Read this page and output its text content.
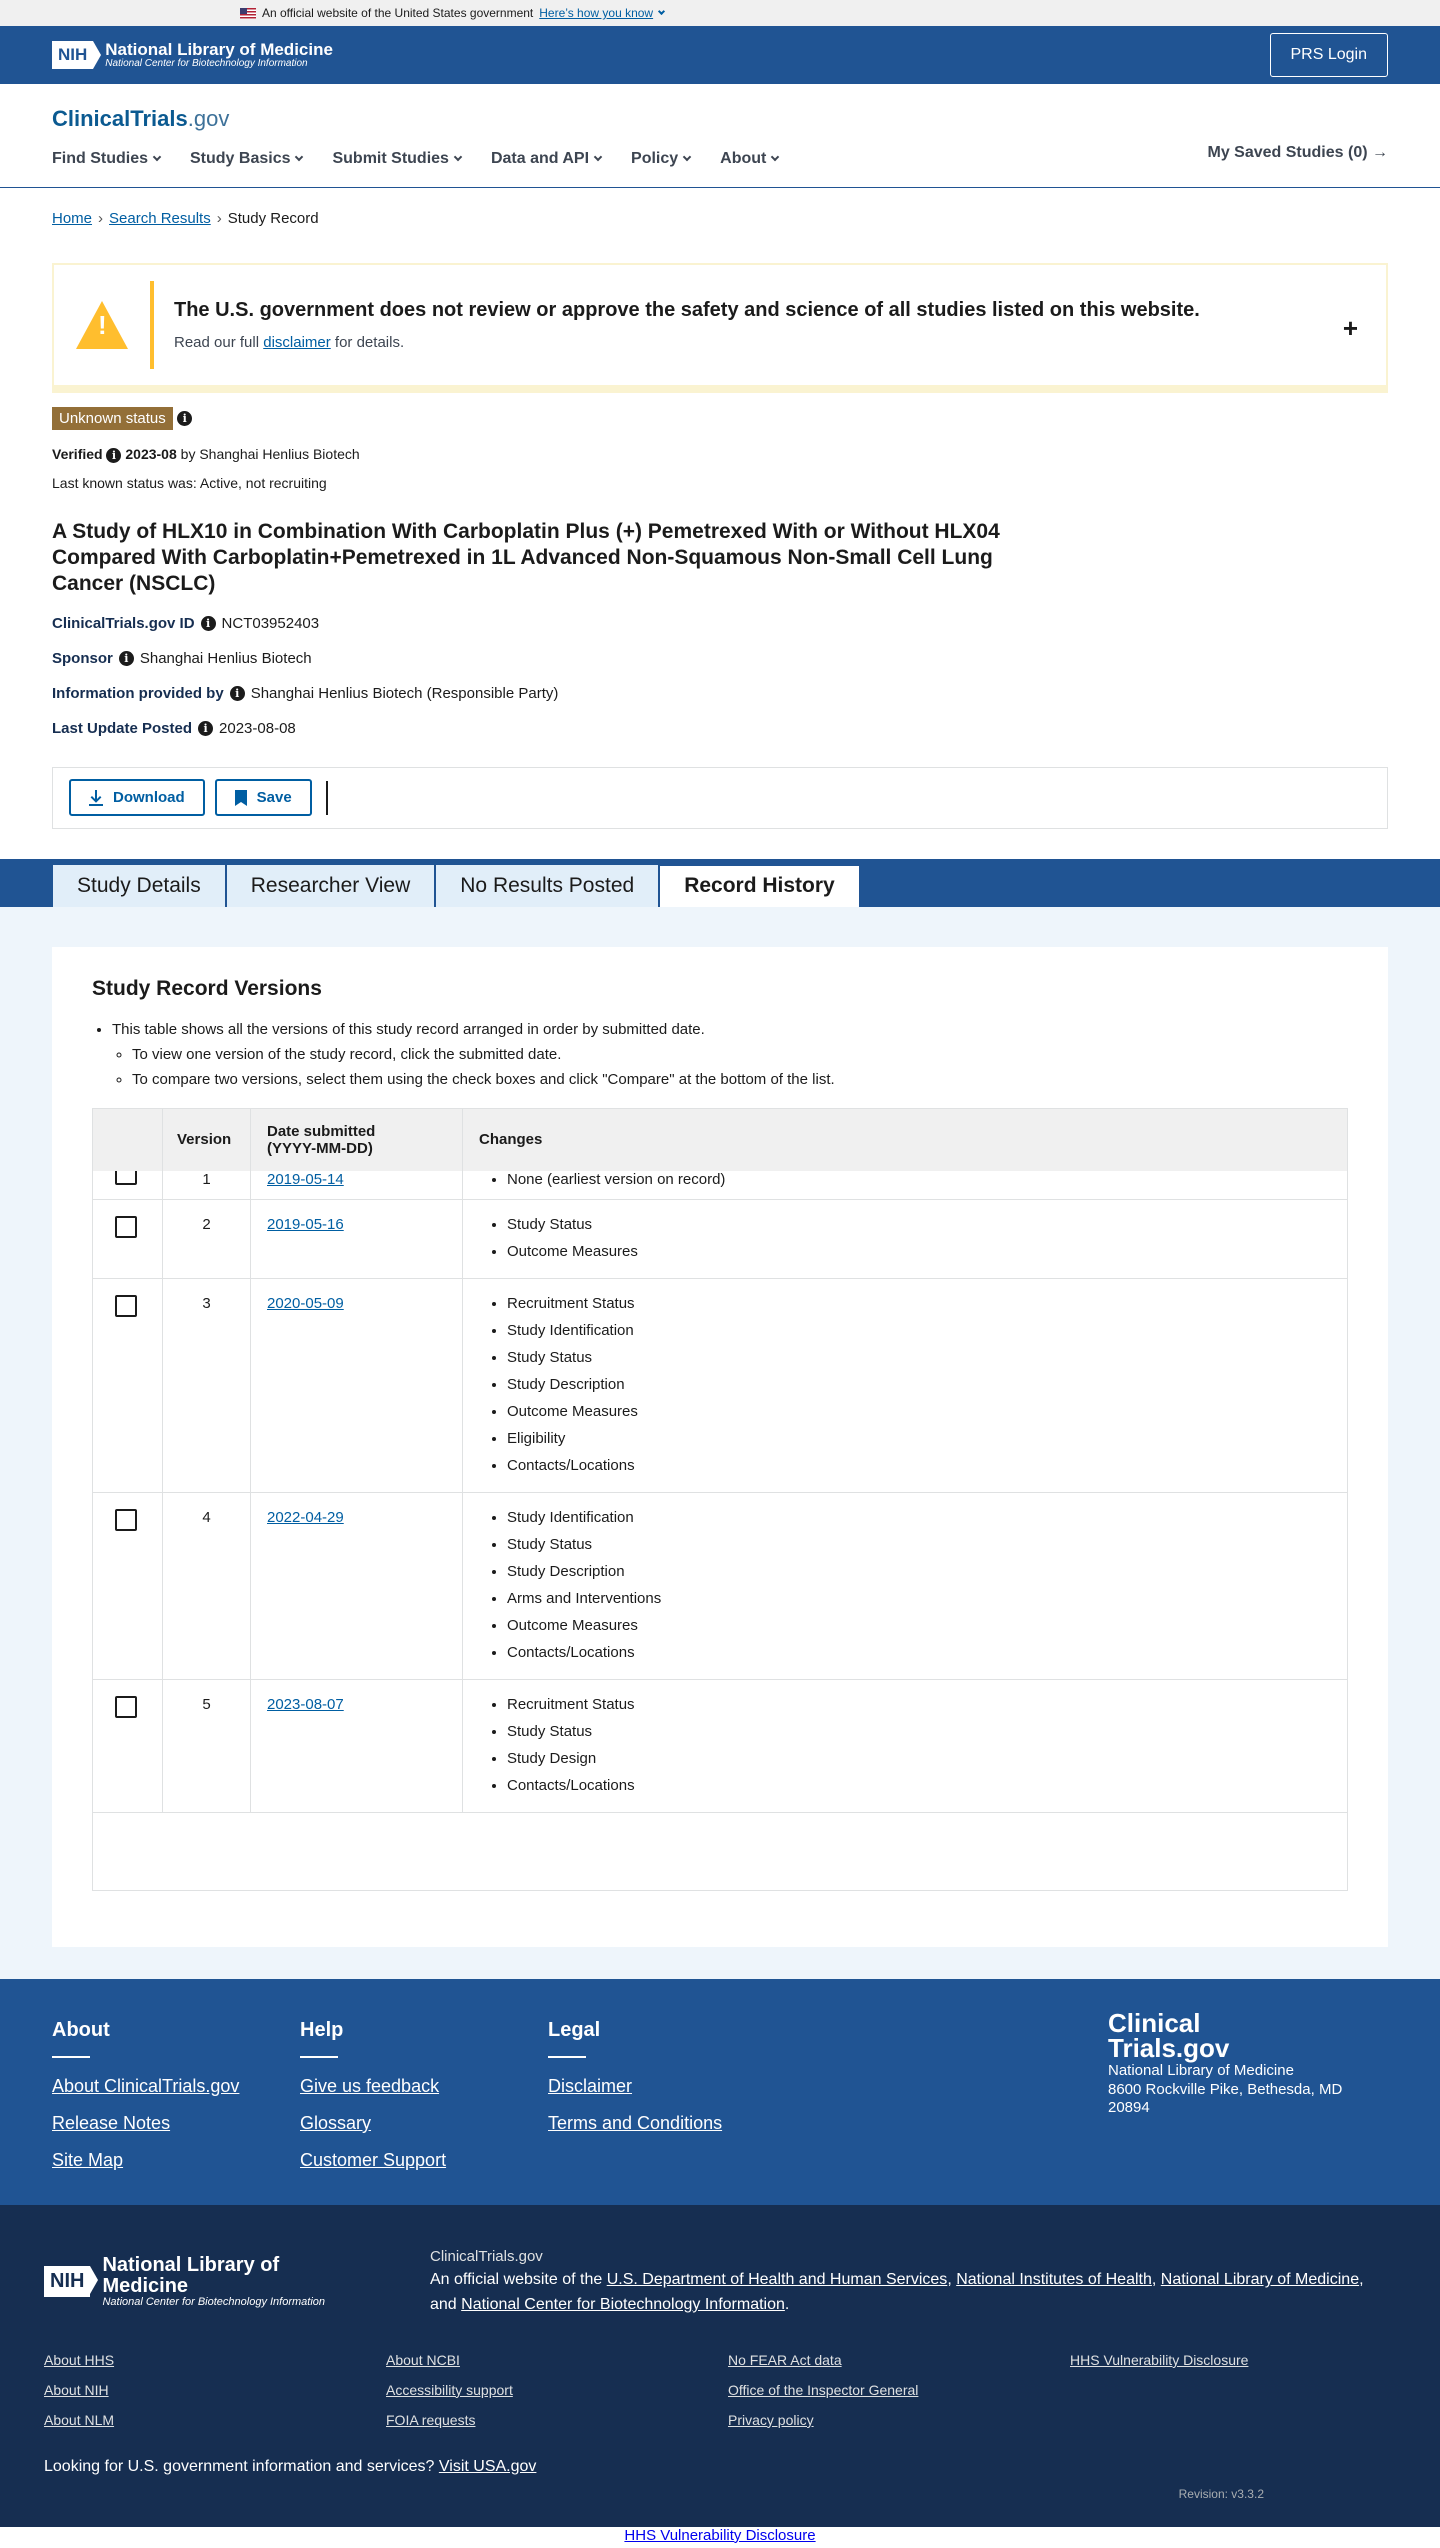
An official website of the United States government Here’s how you know
NIH	National Library of Medicine
National Center for Biotechnology Information
PRS Login
ClinicalTrials.gov
Find Studies	Study Basics	Submit Studies	Data and API	Policy	About	My Saved Studies (0) →
Home › Search Results › Study Record
!	The U.S. government does not review or approve the safety and science of all studies listed on this website.
Read our full disclaimer for details.	+
Unknown status i
Verified i 2023-08 by Shanghai Henlius Biotech
Last known status was: Active, not recruiting
A Study of HLX10 in Combination With Carboplatin Plus (+) Pemetrexed With or Without HLX04 Compared With Carboplatin+Pemetrexed in 1L Advanced Non-Squamous Non-Small Cell Lung Cancer (NSCLC)
ClinicalTrials.gov ID	i NCT03952403
Sponsor	i Shanghai Henlius Biotech
Information provided by	i Shanghai Henlius Biotech (Responsible Party)
Last Update Posted	i 2023-08-08
Download	Save
Study Details	Researcher View	No Results Posted	Record History
Study Record Versions
• This table shows all the versions of this study record arranged in order by submitted date.
◦ To view one version of the study record, click the submitted date.
◦ To compare two versions, select them using the check boxes and click "Compare" at the bottom of the list.
Version	Date submitted
(YYYY-MM-DD)	Changes
1	2019-05-14	• None (earliest version on record)
2	2019-05-16	• Study Status
• Outcome Measures
3	2020-05-09	• Recruitment Status
• Study Identification
• Study Status
• Study Description
• Outcome Measures
• Eligibility
• Contacts/Locations
4	2022-04-29	• Study Identification
• Study Status
• Study Description
• Arms and Interventions
• Outcome Measures
• Contacts/Locations
5	2023-08-07	• Recruitment Status
• Study Status
• Study Design
• Contacts/Locations
About
About ClinicalTrials.gov
Release Notes
Site Map
Help
Give us feedback
Glossary
Customer Support
Legal
Disclaimer
Terms and Conditions
Clinical
Trials.gov

National Library of Medicine
8600 Rockville Pike, Bethesda, MD
20894

NIH
National Library of Medicine
National Center for Biotechnology Information
ClinicalTrials.gov
An official website of the U.S. Department of Health and Human Services, National Institutes of Health, National Library of Medicine, and National Center for Biotechnology Information.
About HHS	About NCBI	No FEAR Act data	HHS Vulnerability Disclosure
About NIH	Accessibility support	Office of the Inspector General
About NLM	FOIA requests	Privacy policy
Looking for U.S. government information and services? Visit USA.gov
Revision: v3.3.2
HHS Vulnerability Disclosure
